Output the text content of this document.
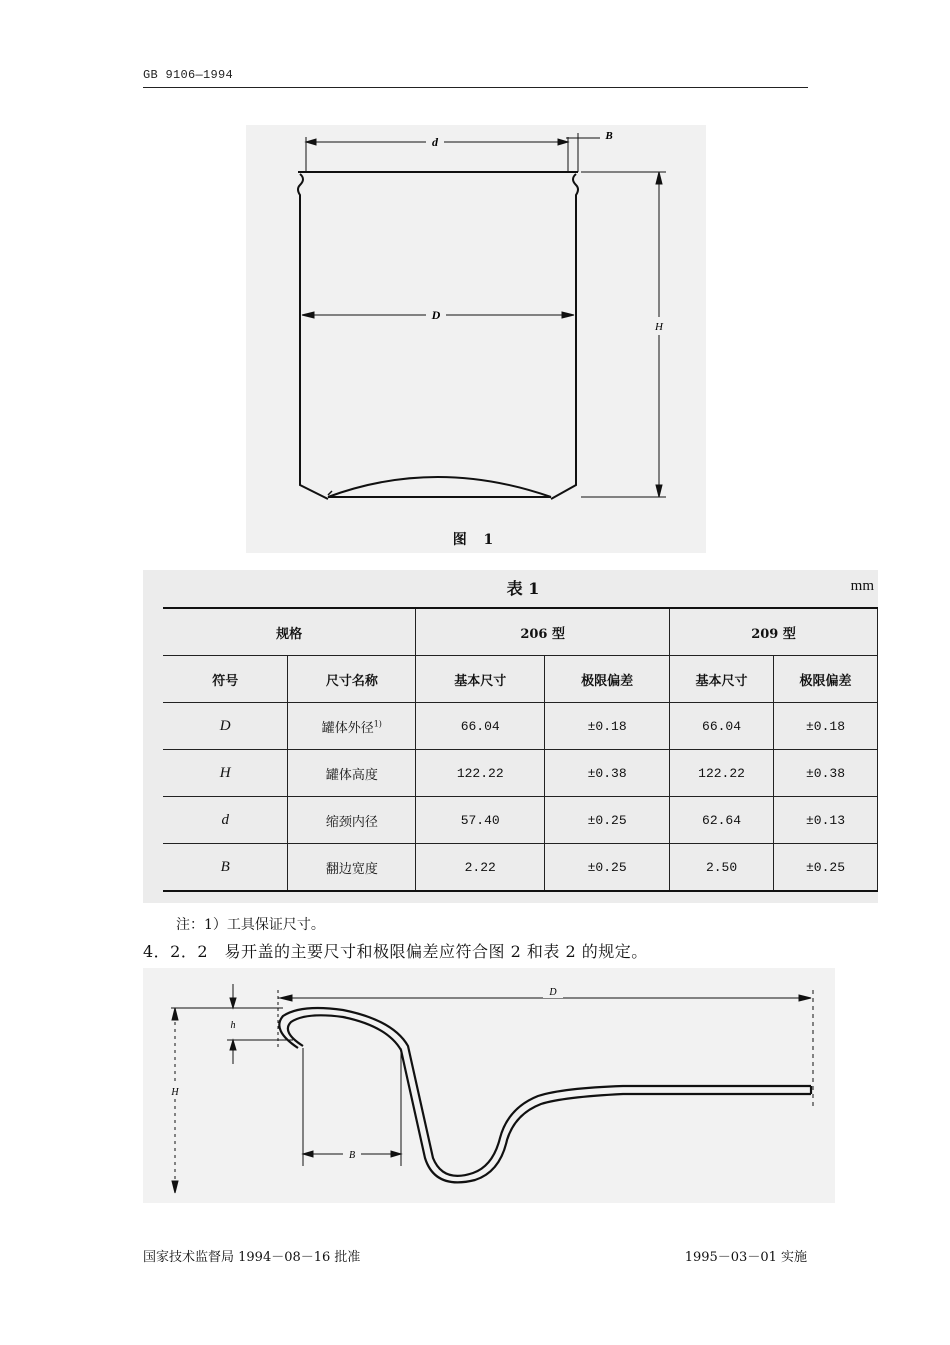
GB 9106—1994
d	B
D
H
图 1
表 1	mm
规格		206 型		209 型	
符号	尺寸名称	基本尺寸	极限偏差	基本尺寸	极限偏差
D	罐体外径$^{1)}$	66.04	±0.18	66.04	±0.18
H	罐体高度	122.22	±0.38	122.22	±0.38
d	缩颈内径	57.40	±0.25	62.64	±0.13
B	翻边宽度	2.22	±0.25	2.50	±0.25
注：1）工具保证尺寸。
4．2．2　易开盖的主要尺寸和极限偏差应符合图 2 和表 2 的规定。
D
H
h
B
国家技术监督局 1994－08－16 批准	1995－03－01 实施
